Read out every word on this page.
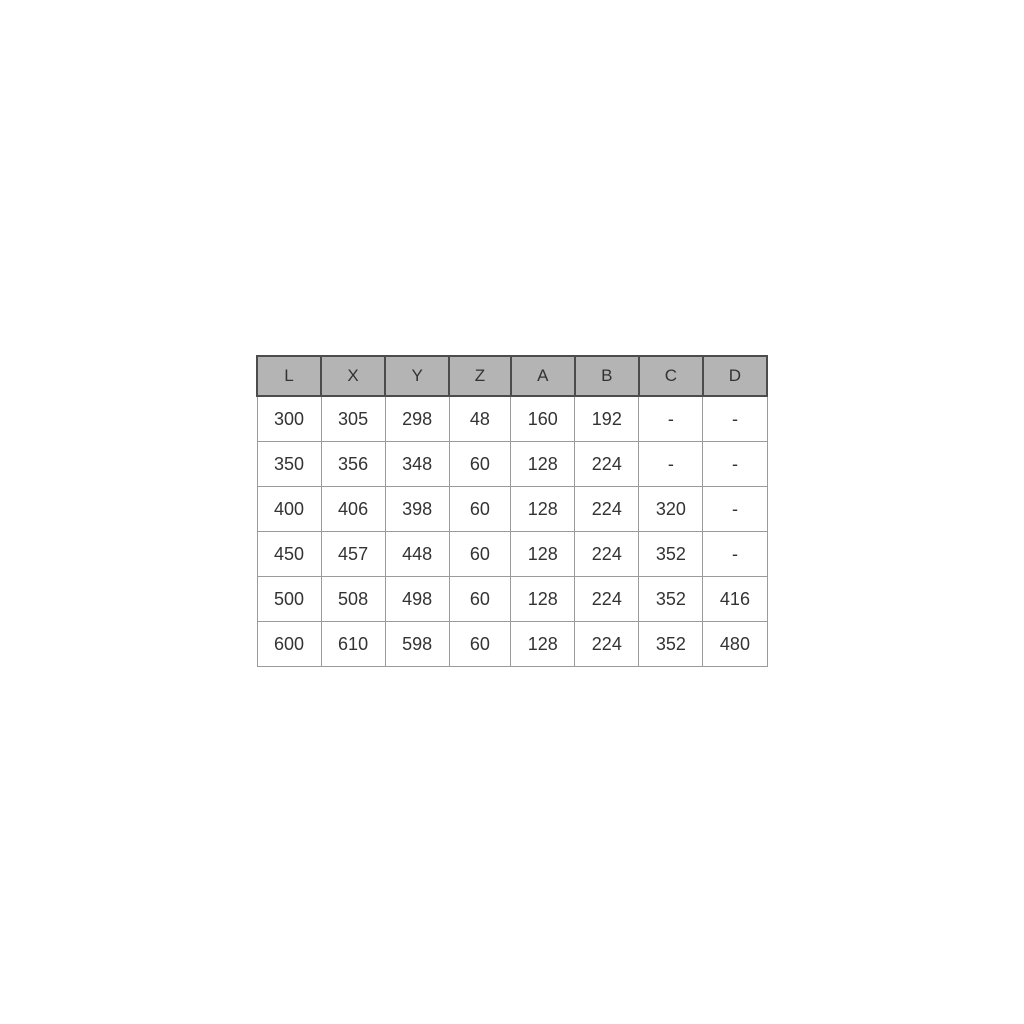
L	X	Y	Z	A	B	C	D
300	305	298	48	160	192	-	-
350	356	348	60	128	224	-	-
400	406	398	60	128	224	320	-
450	457	448	60	128	224	352	-
500	508	498	60	128	224	352	416
600	610	598	60	128	224	352	480
